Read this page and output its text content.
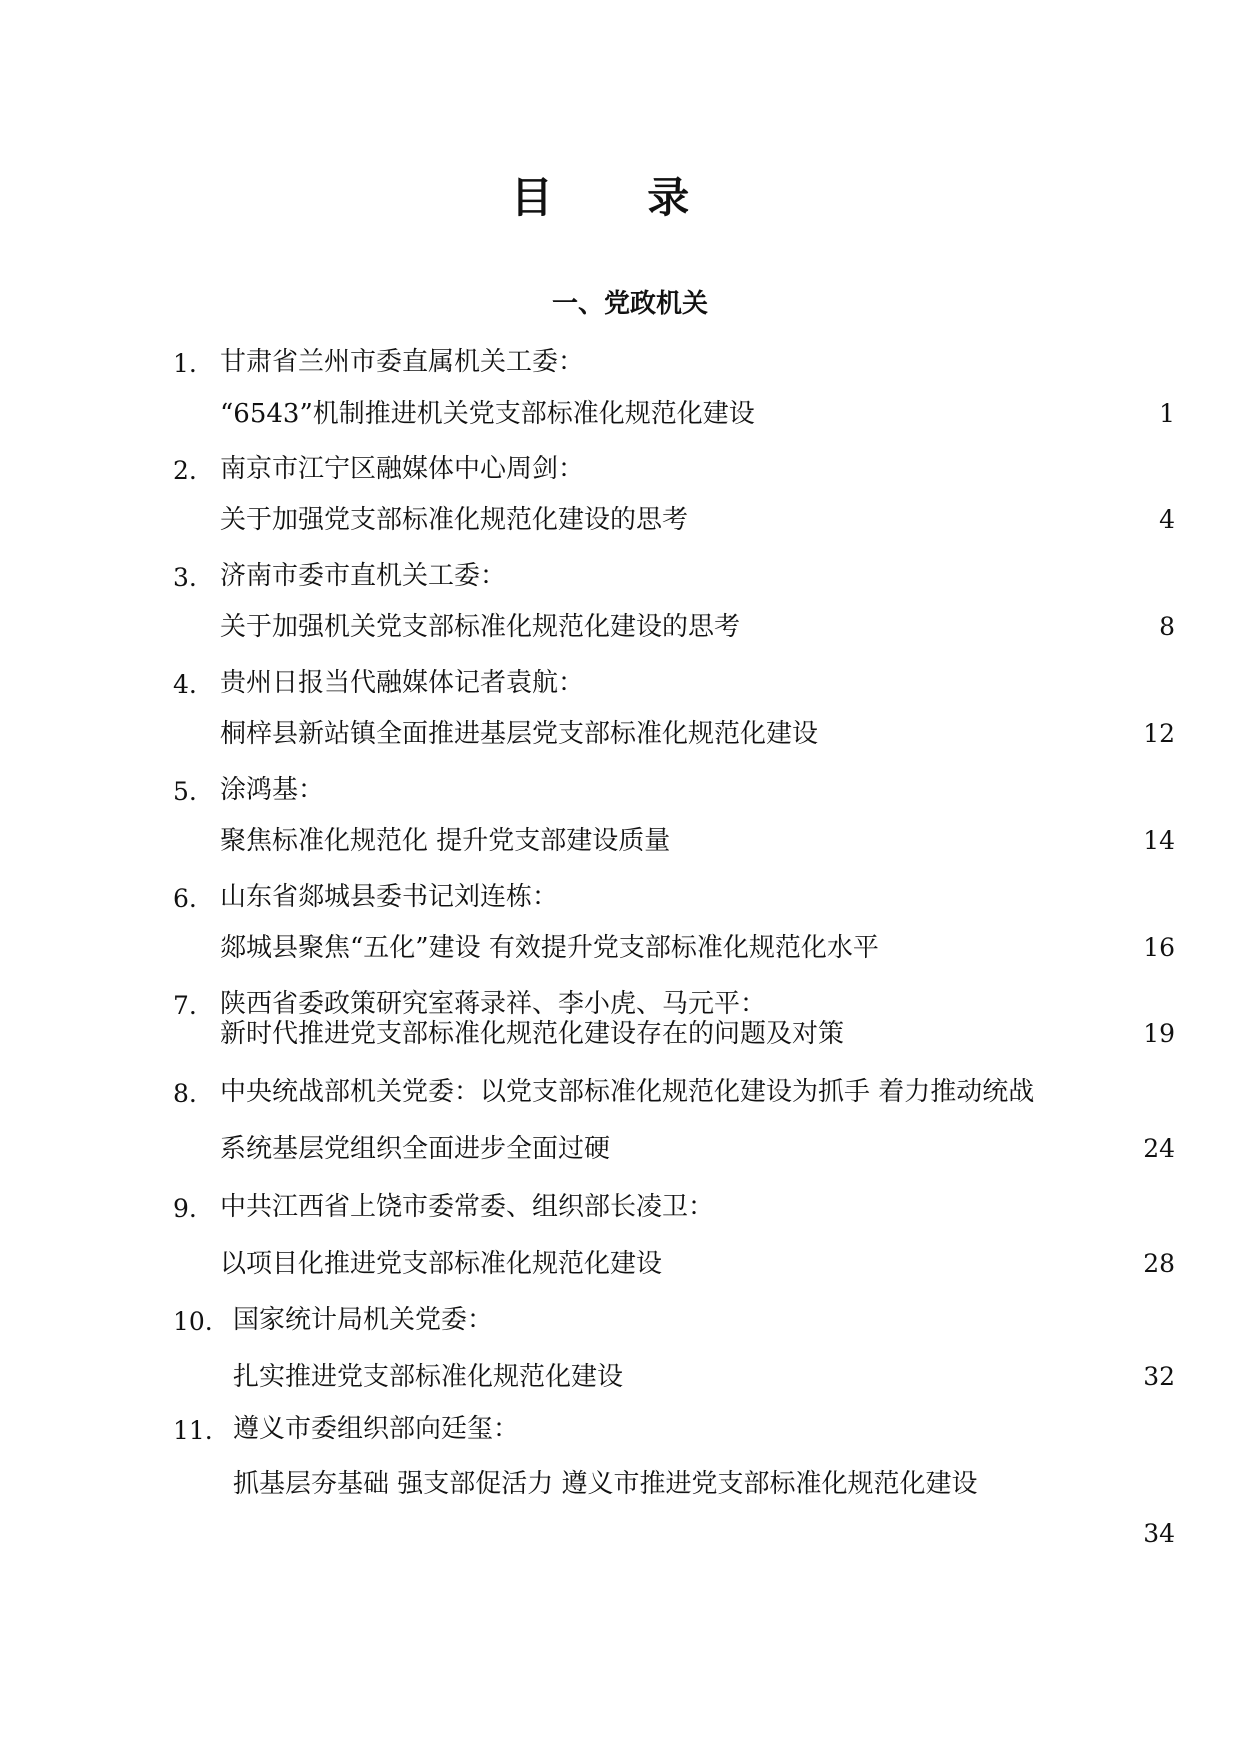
目 录
一、党政机关
1. 甘肃省兰州市委直属机关工委：
“6543”机制推进机关党支部标准化规范化建设	1
2. 南京市江宁区融媒体中心周剑：
关于加强党支部标准化规范化建设的思考	4
3. 济南市委市直机关工委：
关于加强机关党支部标准化规范化建设的思考	8
4. 贵州日报当代融媒体记者袁航：
桐梓县新站镇全面推进基层党支部标准化规范化建设	12
5. 涂鸿基：
聚焦标准化规范化 提升党支部建设质量	14
6. 山东省郯城县委书记刘连栋：
郯城县聚焦“五化”建设 有效提升党支部标准化规范化水平	16
7. 陕西省委政策研究室蒋录祥、李小虎、马元平：
新时代推进党支部标准化规范化建设存在的问题及对策	19
8. 中央统战部机关党委：以党支部标准化规范化建设为抓手 着力推动统战
系统基层党组织全面进步全面过硬	24
9. 中共江西省上饶市委常委、组织部长凌卫：
以项目化推进党支部标准化规范化建设	28
10. 国家统计局机关党委：
扎实推进党支部标准化规范化建设	32
11. 遵义市委组织部向廷玺：
抓基层夯基础 强支部促活力 遵义市推进党支部标准化规范化建设
34
